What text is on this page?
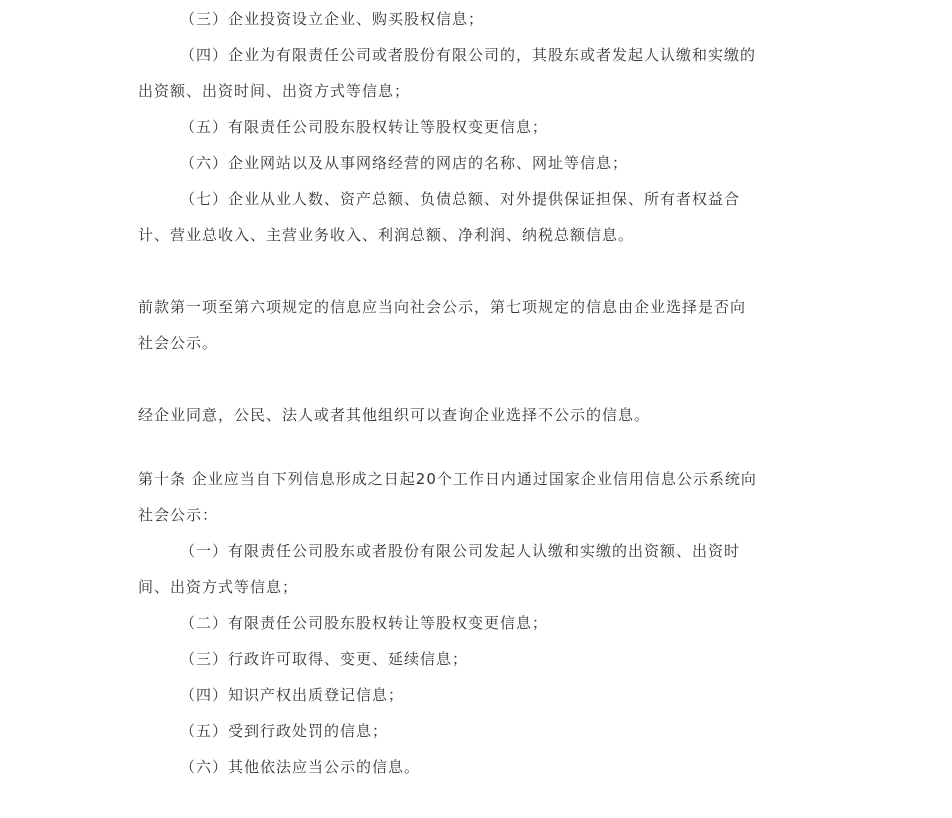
（三）企业投资设立企业、购买股权信息；
（四）企业为有限责任公司或者股份有限公司的，其股东或者发起人认缴和实缴的
出资额、出资时间、出资方式等信息；
（五）有限责任公司股东股权转让等股权变更信息；
（六）企业网站以及从事网络经营的网店的名称、网址等信息；
（七）企业从业人数、资产总额、负债总额、对外提供保证担保、所有者权益合
计、营业总收入、主营业务收入、利润总额、净利润、纳税总额信息。
前款第一项至第六项规定的信息应当向社会公示，第七项规定的信息由企业选择是否向
社会公示。
经企业同意，公民、法人或者其他组织可以查询企业选择不公示的信息。
第十条 企业应当自下列信息形成之日起20个工作日内通过国家企业信用信息公示系统向
社会公示：
（一）有限责任公司股东或者股份有限公司发起人认缴和实缴的出资额、出资时
间、出资方式等信息；
（二）有限责任公司股东股权转让等股权变更信息；
（三）行政许可取得、变更、延续信息；
（四）知识产权出质登记信息；
（五）受到行政处罚的信息；
（六）其他依法应当公示的信息。
